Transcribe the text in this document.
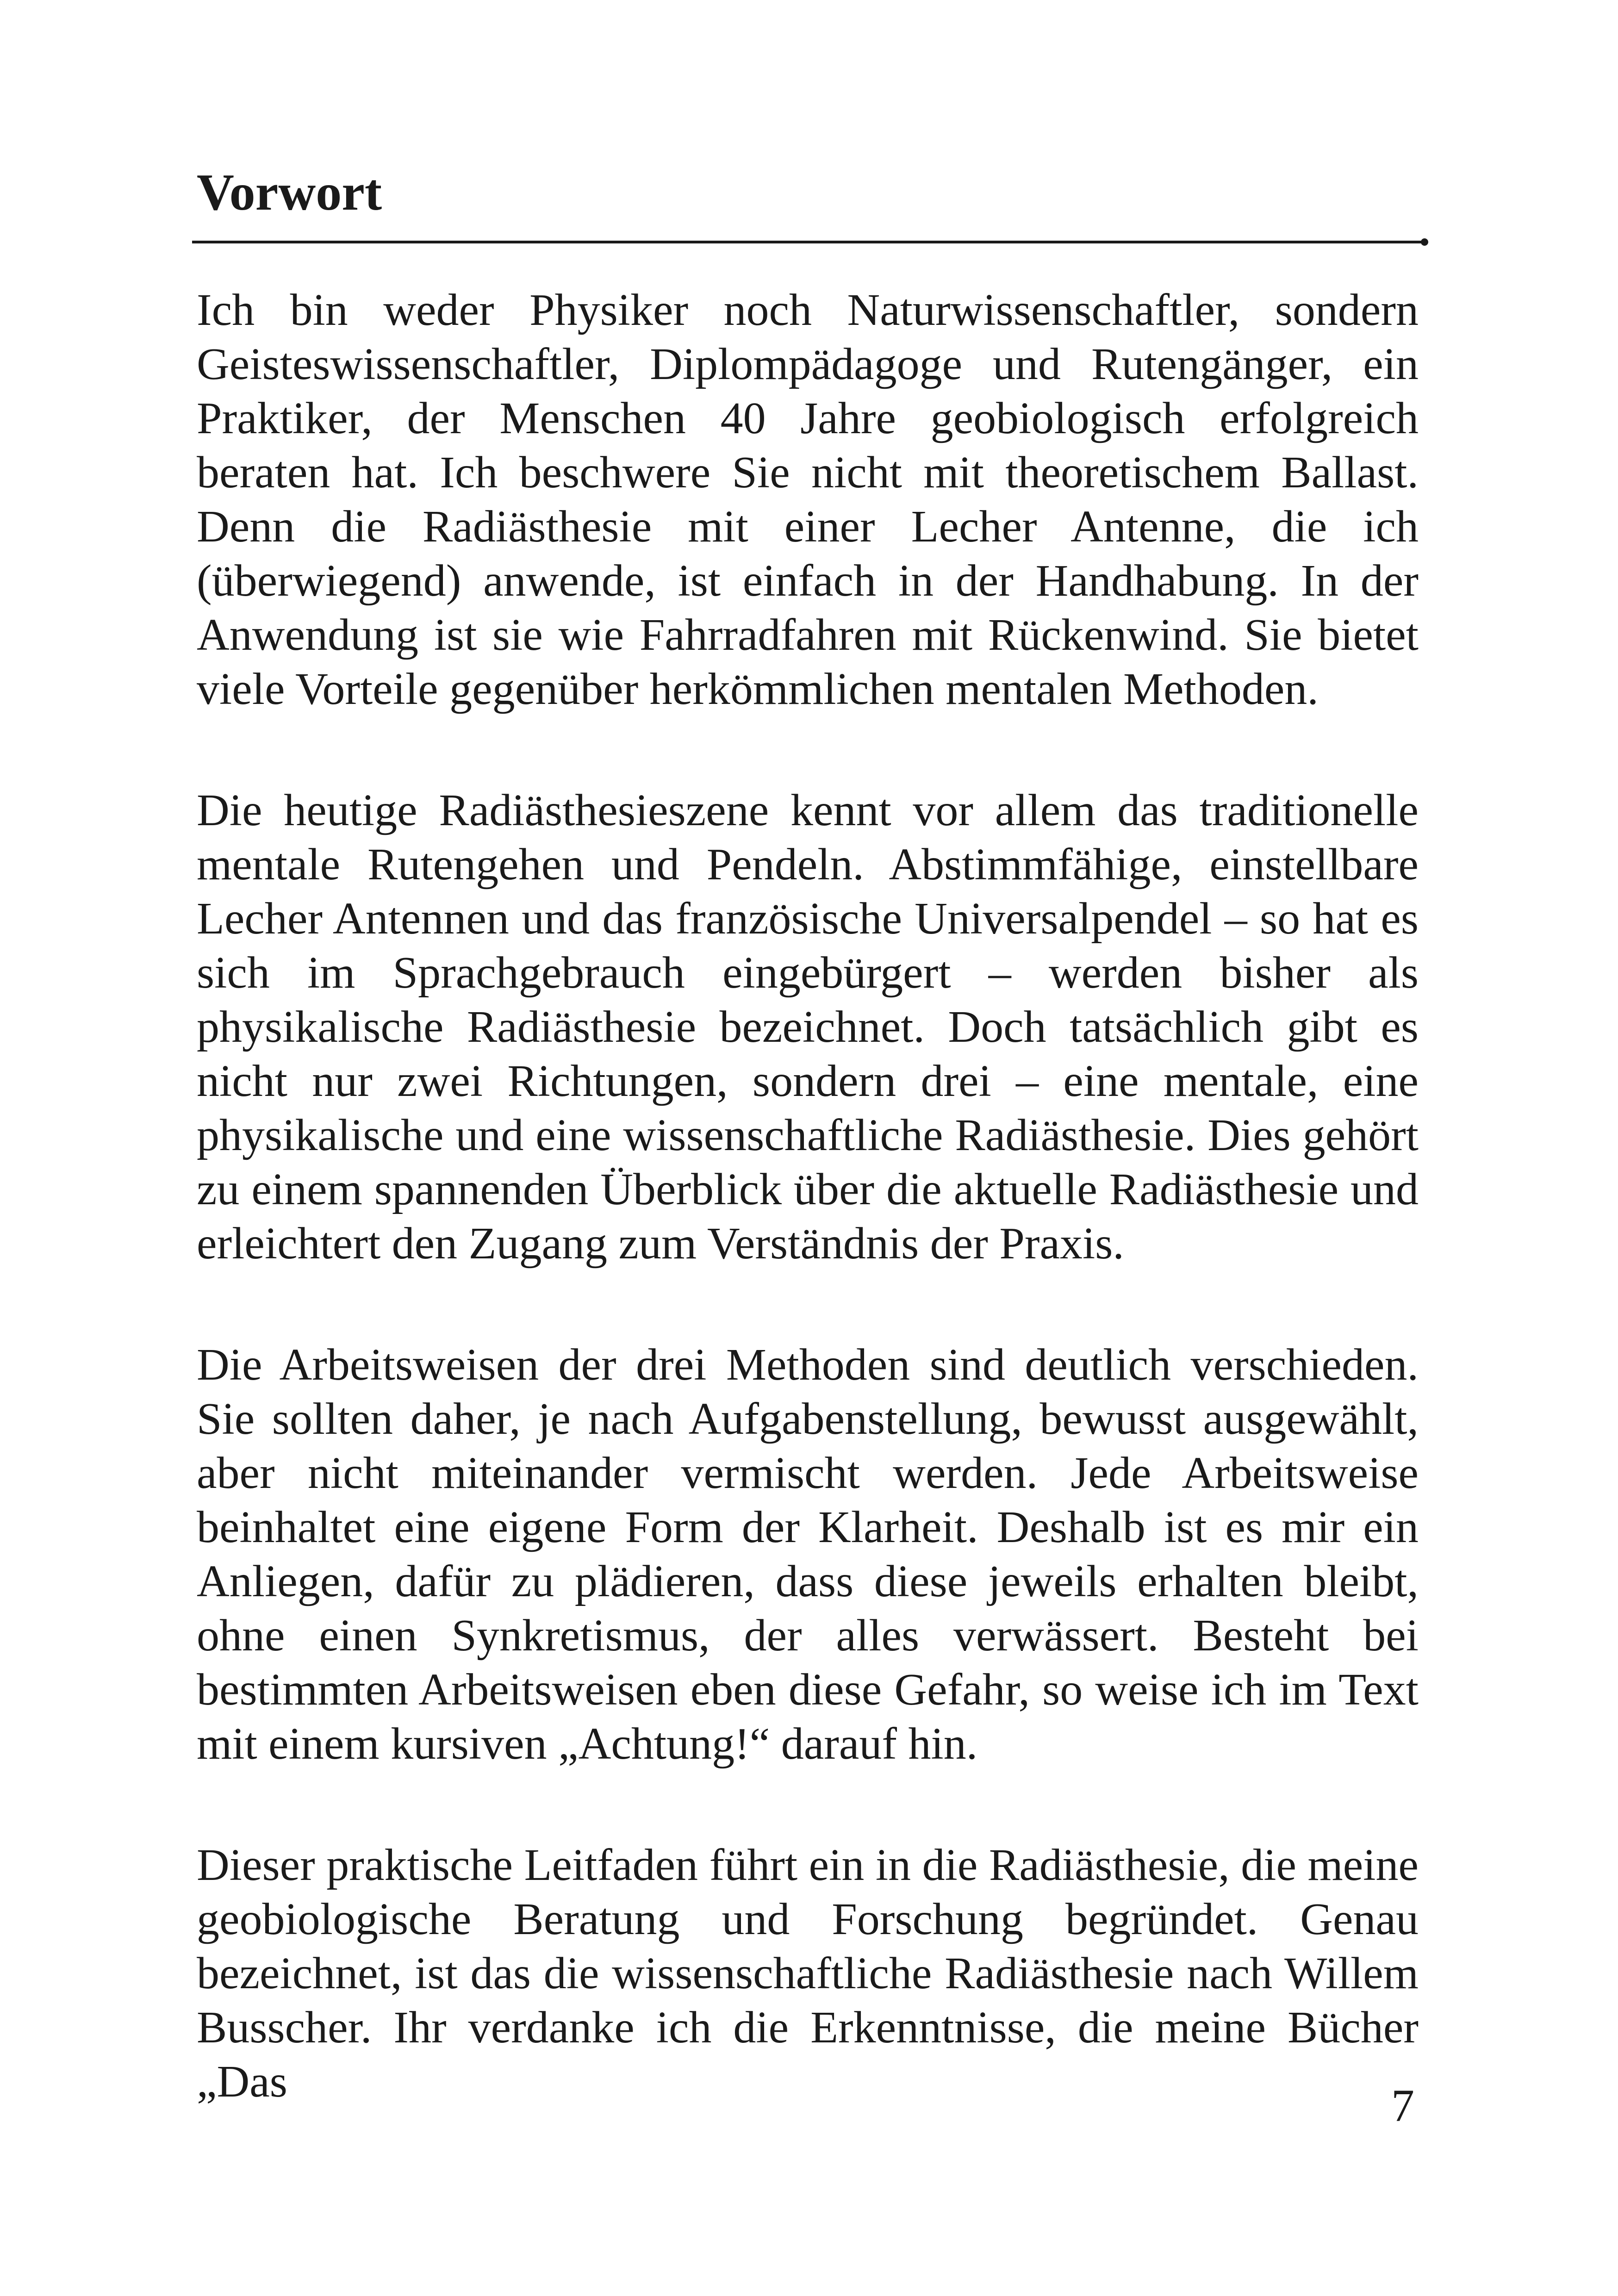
Vorwort

Ich bin weder Physiker noch Naturwissenschaftler, sondern Geisteswissenschaftler, Diplompädagoge und Rutengänger, ein Praktiker, der Menschen 40 Jahre geobiologisch erfolgreich beraten hat. Ich beschwere Sie nicht mit theoretischem Ballast. Denn die Radiästhesie mit einer Lecher Antenne, die ich (überwiegend) anwende, ist einfach in der Handhabung. In der Anwendung ist sie wie Fahrradfahren mit Rückenwind. Sie bietet viele Vorteile gegenüber herkömmlichen mentalen Methoden.

Die heutige Radiästhesieszene kennt vor allem das traditionelle mentale Rutengehen und Pendeln. Abstimmfähige, einstellbare Lecher Antennen und das französische Universalpendel – so hat es sich im Sprachgebrauch eingebürgert – werden bisher als physikalische Radiästhesie bezeichnet. Doch tatsächlich gibt es nicht nur zwei Richtungen, sondern drei – eine mentale, eine physikalische und eine wissenschaftliche Radiästhesie. Dies gehört zu einem spannenden Überblick über die aktuelle Radiästhesie und erleichtert den Zugang zum Verständnis der Praxis.

Die Arbeitsweisen der drei Methoden sind deutlich verschieden. Sie sollten daher, je nach Aufgabenstellung, bewusst ausgewählt, aber nicht miteinander vermischt werden. Jede Arbeitsweise beinhaltet eine eigene Form der Klarheit. Deshalb ist es mir ein Anliegen, dafür zu plädieren, dass diese jeweils erhalten bleibt, ohne einen Synkretismus, der alles verwässert. Besteht bei bestimmten Arbeitsweisen eben diese Gefahr, so weise ich im Text mit einem kursiven „Achtung!“ darauf hin.

Dieser praktische Leitfaden führt ein in die Radiästhesie, die meine geobiologische Beratung und Forschung begründet. Genau bezeichnet, ist das die wissenschaftliche Radiästhesie nach Willem Busscher. Ihr verdanke ich die Erkenntnisse, die meine Bücher „Das	7
